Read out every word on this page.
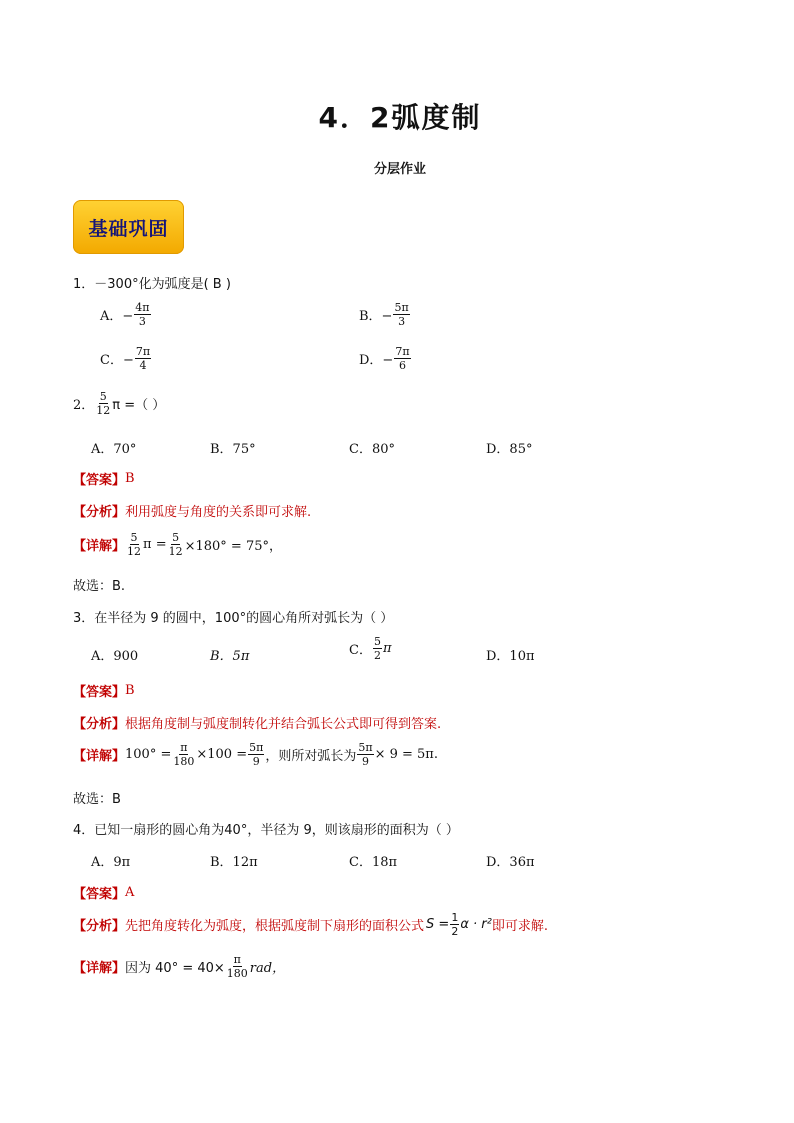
4．2弧度制
分层作业
基础巩固
1．－300°化为弧度是( B )
A．− $\frac{4\pi}{3}$	B．− $\frac{5\pi}{3}$
C．− $\frac{7\pi}{4}$	D．− $\frac{7\pi}{6}$
2． $\frac{5}{12}$ π =（ ）
A．70°	B．75°	C．80°	D．85°
【答案】 B
【分析】 利用弧度与角度的关系即可求解.
【详解】 $\frac{5}{12}$ $\pi = \frac{5}{12} \times 180^\circ = 75^\circ$，
故选：B.
3．在半径为 9 的圆中，100°的圆心角所对弧长为（ ）
A．900	B．5π	C． $\frac{5}{2}$ π
D．10π
【答案】 B
【分析】 根据角度制与弧度制转化并结合弧长公式即可得到答案.
【详解】 $100^\circ = \frac{\pi}{180} \times 100 = \frac{5\pi}{9}$ ，则所对弧长为 $\frac{5\pi}{9} \times 9 = 5\pi$.
故选：B
4．已知一扇形的圆心角为40°，半径为 9，则该扇形的面积为（ ）
A．9π	B．12π	C．18π	D．36π
【答案】 A
【分析】 先把角度转化为弧度，根据弧度制下扇形的面积公式 $S = \frac{1}{2}$ α · r² 即可求解.
【详解】 因为 $40^\circ = 40\times \frac{\pi}{180}$ rad，
